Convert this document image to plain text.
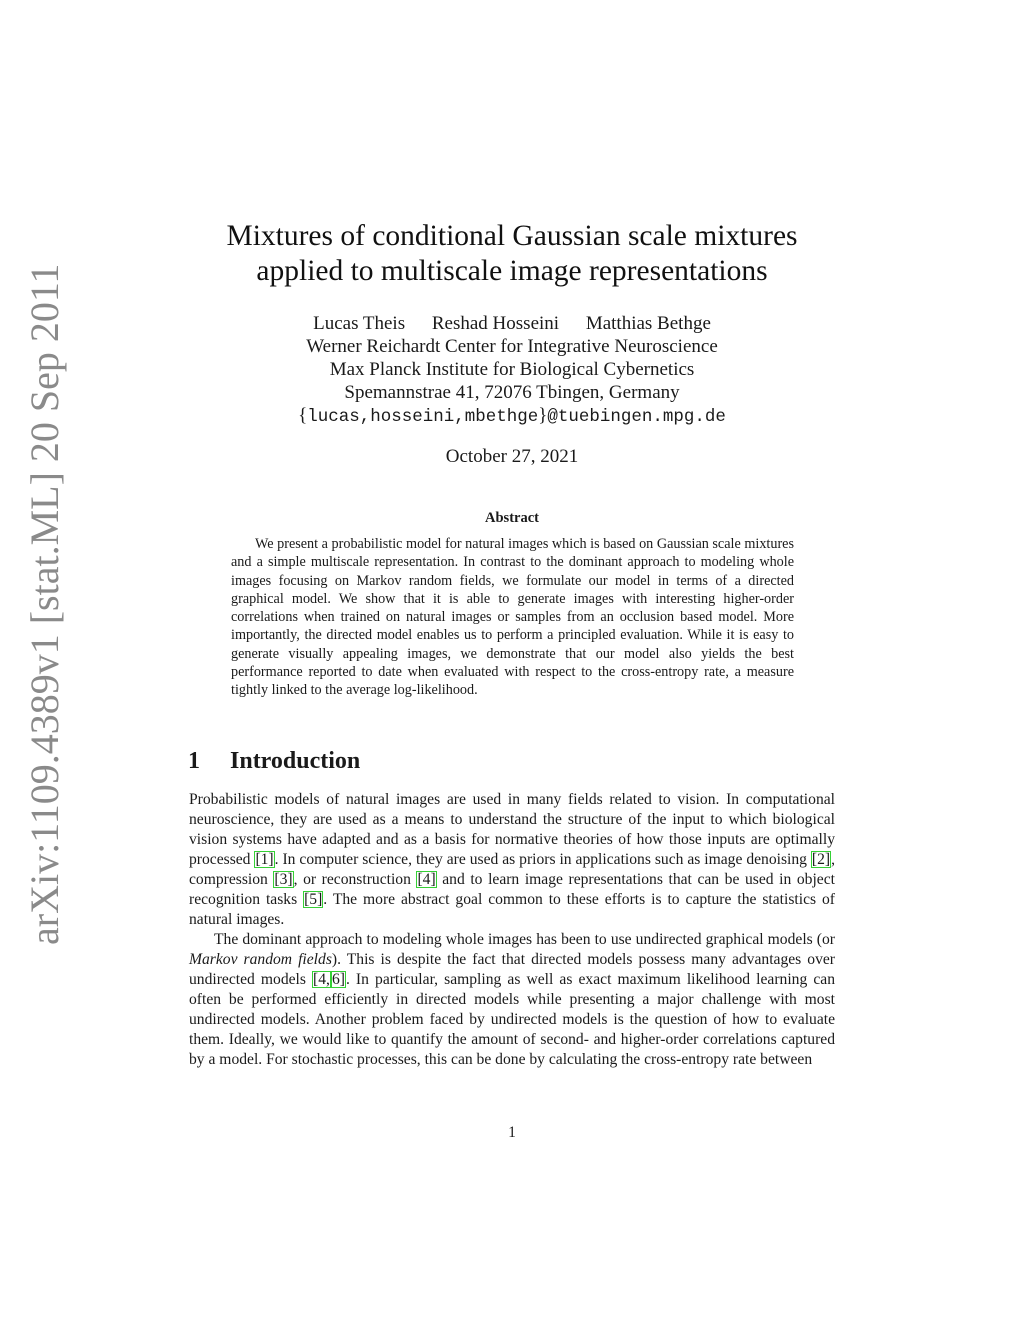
arXiv:1109.4389v1 [stat.ML] 20 Sep 2011
Mixtures of conditional Gaussian scale mixtures
applied to multiscale image representations
Lucas Theis Reshad Hosseini Matthias Bethge
Werner Reichardt Center for Integrative Neuroscience
Max Planck Institute for Biological Cybernetics
Spemannstrae 41, 72076 Tbingen, Germany
{lucas,hosseini,mbethge}@tuebingen.mpg.de
October 27, 2021
Abstract
We present a probabilistic model for natural images which is based on Gaussian scale mixtures and a simple multiscale representation. In contrast to the dominant approach to modeling whole images focusing on Markov random fields, we formulate our model in terms of a directed graphical model. We show that it is able to generate images with interesting higher-order correlations when trained on natural images or samples from an occlusion based model. More importantly, the directed model enables us to perform a principled evaluation. While it is easy to generate visually appealing images, we demonstrate that our model also yields the best performance reported to date when evaluated with respect to the cross-entropy rate, a measure tightly linked to the average log-likelihood.
1 Introduction

Probabilistic models of natural images are used in many fields related to vision. In computational neuroscience, they are used as a means to understand the structure of the input to which biological vision systems have adapted and as a basis for normative theories of how those inputs are optimally processed [1]. In computer science, they are used as priors in applications such as image denoising [2], compression [3], or reconstruction [4] and to learn image representations that can be used in object recognition tasks [5]. The more abstract goal common to these efforts is to capture the statistics of natural images.

The dominant approach to modeling whole images has been to use undirected graphical models (or Markov random fields). This is despite the fact that directed models possess many advantages over undirected models [4, 6]. In particular, sampling as well as exact maximum likelihood learning can often be performed efficiently in directed models while presenting a major challenge with most undirected models. Another problem faced by undirected models is the question of how to evaluate them. Ideally, we would like to quantify the amount of second- and higher-order correlations captured by a model. For stochastic processes, this can be done by calculating the cross-entropy rate between

1
